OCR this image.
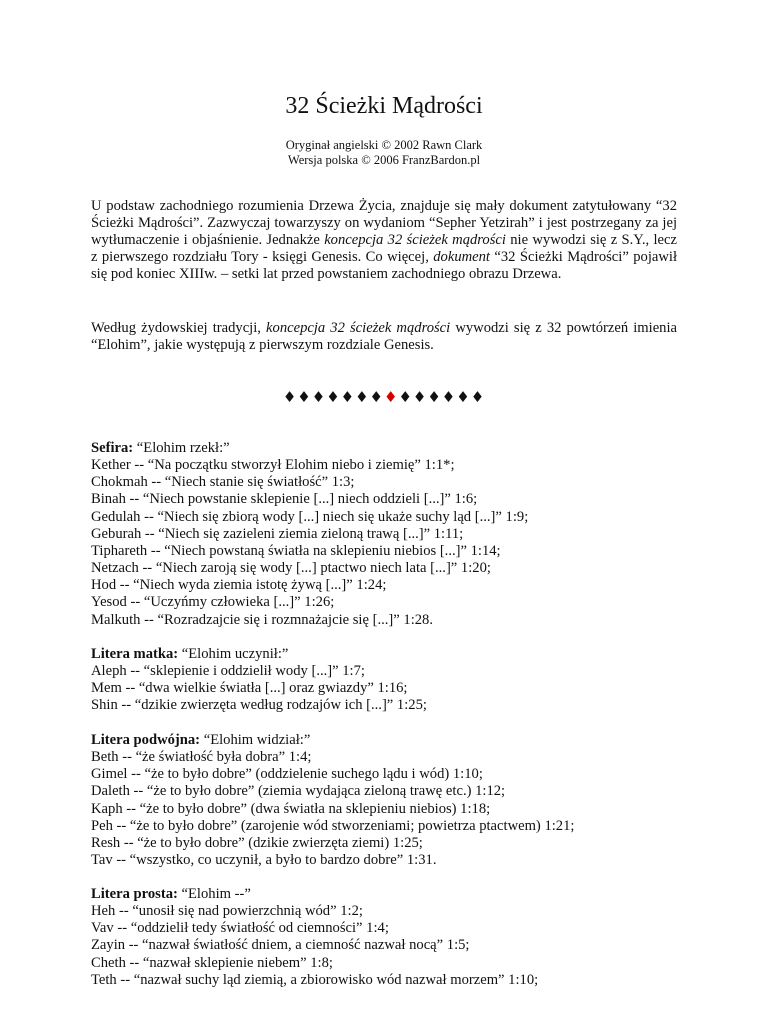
32 Ścieżki Mądrości
Oryginał angielski © 2002 Rawn Clark
Wersja polska © 2006 FranzBardon.pl
U podstaw zachodniego rozumienia Drzewa Życia, znajduje się mały dokument zatytułowany “32 Ścieżki Mądrości”. Zazwyczaj towarzyszy on wydaniom “Sepher Yetzirah” i jest postrzegany za jej wytłumaczenie i objaśnienie. Jednakże koncepcja 32 ścieżek mądrości nie wywodzi się z S.Y., lecz z pierwszego rozdziału Tory - księgi Genesis. Co więcej, dokument “32 Ścieżki Mądrości” pojawił się pod koniec XIIIw. – setki lat przed powstaniem zachodniego obrazu Drzewa.
Według żydowskiej tradycji, koncepcja 32 ścieżek mądrości wywodzi się z 32 powtórzeń imienia “Elohim”, jakie występują z pierwszym rozdziale Genesis.
♦♦♦♦♦♦♦♦♦♦♦♦♦♦
Sefira: “Elohim rzekł:”
Kether -- “Na początku stworzył Elohim niebo i ziemię” 1:1*;
Chokmah -- “Niech stanie się światłość” 1:3;
Binah -- “Niech powstanie sklepienie [...] niech oddzieli [...]” 1:6;
Gedulah -- “Niech się zbiorą wody [...] niech się ukaże suchy ląd [...]” 1:9;
Geburah -- “Niech się zazieleni ziemia zieloną trawą [...]” 1:11;
Tiphareth -- “Niech powstaną światła na sklepieniu niebios [...]” 1:14;
Netzach -- “Niech zaroją się wody [...] ptactwo niech lata [...]” 1:20;
Hod -- “Niech wyda ziemia istotę żywą [...]” 1:24;
Yesod -- “Uczyńmy człowieka [...]” 1:26;
Malkuth -- “Rozradzajcie się i rozmnażajcie się [...]” 1:28.
Litera matka: “Elohim uczynił:”
Aleph -- “sklepienie i oddzielił wody [...]” 1:7;
Mem -- “dwa wielkie światła [...] oraz gwiazdy” 1:16;
Shin -- “dzikie zwierzęta według rodzajów ich [...]” 1:25;
Litera podwójna: “Elohim widział:”
Beth -- “że światłość była dobra” 1:4;
Gimel -- “że to było dobre” (oddzielenie suchego lądu i wód) 1:10;
Daleth -- “że to było dobre” (ziemia wydająca zieloną trawę etc.) 1:12;
Kaph -- “że to było dobre” (dwa światła na sklepieniu niebios) 1:18;
Peh -- “że to było dobre” (zarojenie wód stworzeniami; powietrza ptactwem) 1:21;
Resh -- “że to było dobre” (dzikie zwierzęta ziemi) 1:25;
Tav -- “wszystko, co uczynił, a było to bardzo dobre” 1:31.
Litera prosta: “Elohim --”
Heh -- “unosił się nad powierzchnią wód” 1:2;
Vav -- “oddzielił tedy światłość od ciemności” 1:4;
Zayin -- “nazwał światłość dniem, a ciemność nazwał nocą” 1:5;
Cheth -- “nazwał sklepienie niebem” 1:8;
Teth -- “nazwał suchy ląd ziemią, a zbiorowisko wód nazwał morzem” 1:10;
